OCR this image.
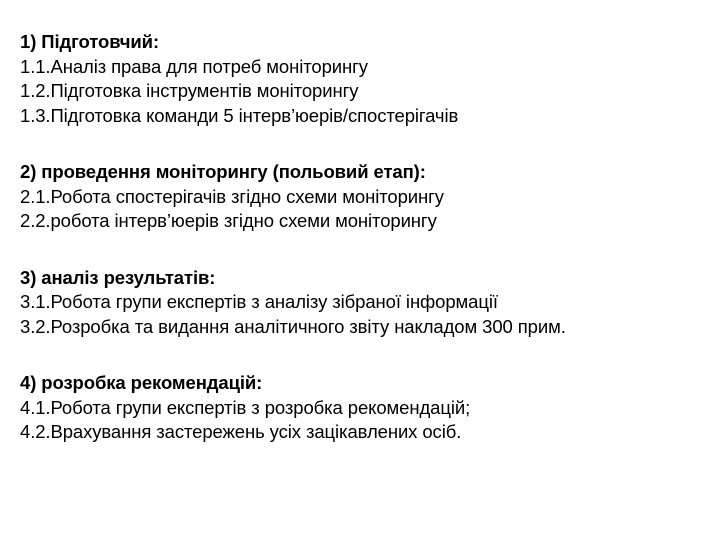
1) Підготовчий:
1.1.Аналіз права для потреб моніторингу
1.2.Підготовка інструментів моніторингу
1.3.Підготовка команди 5 інтерв’юерів/спостерігачів
2) проведення моніторингу (польовий етап):
2.1.Робота спостерігачів згідно схеми моніторингу
2.2.робота інтерв’юерів згідно схеми моніторингу
3) аналіз результатів:
3.1.Робота групи експертів з аналізу зібраної інформації
3.2.Розробка та видання аналітичного звіту накладом 300 прим.
4) розробка рекомендацій:
4.1.Робота групи експертів з розробка рекомендацій;
4.2.Врахування застережень усіх зацікавлених осіб.
